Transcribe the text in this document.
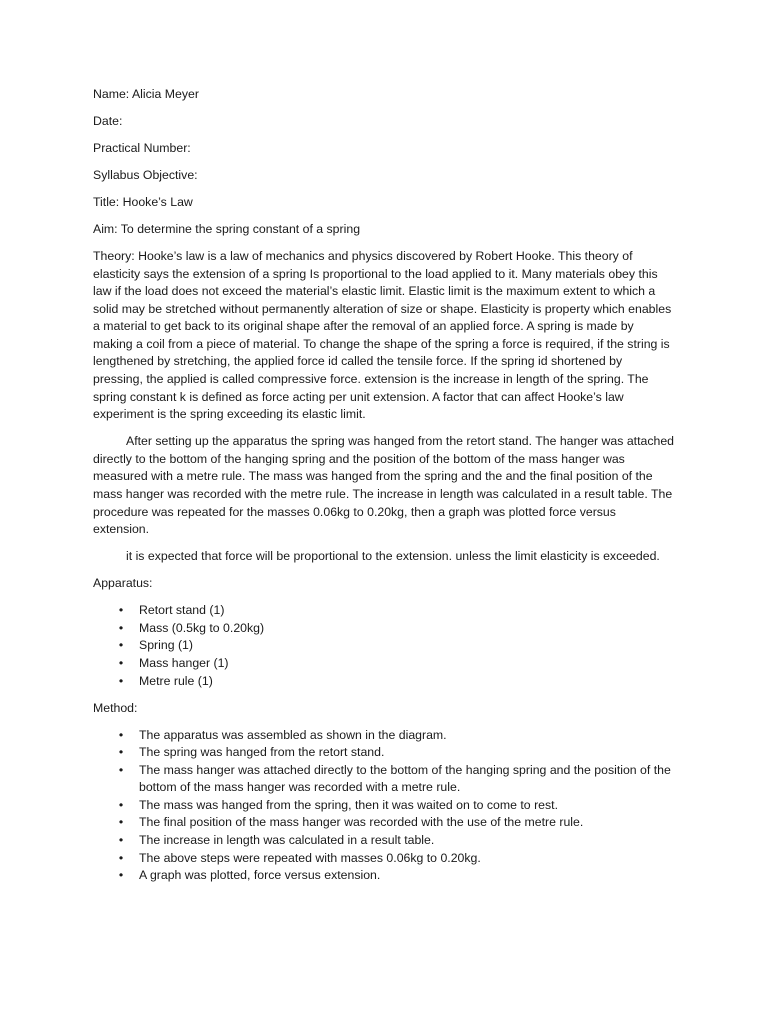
Name: Alicia Meyer

Date:

Practical Number:

Syllabus Objective:

Title: Hooke’s Law

Aim: To determine the spring constant of a spring

Theory: Hooke’s law is a law of mechanics and physics discovered by Robert Hooke. This theory of elasticity says the extension of a spring Is proportional to the load applied to it. Many materials obey this law if the load does not exceed the material’s elastic limit. Elastic limit is the maximum extent to which a solid may be stretched without permanently alteration of size or shape. Elasticity is property which enables a material to get back to its original shape after the removal of an applied force. A spring is made by making a coil from a piece of material. To change the shape of the spring a force is required, if the string is lengthened by stretching, the applied force id called the tensile force. If the spring id shortened by pressing, the applied is called compressive force. extension is the increase in length of the spring. The spring constant k is defined as force acting per unit extension. A factor that can affect Hooke’s law experiment is the spring exceeding its elastic limit.

After setting up the apparatus the spring was hanged from the retort stand. The hanger was attached directly to the bottom of the hanging spring and the position of the bottom of the mass hanger was measured with a metre rule. The mass was hanged from the spring and the and the final position of the mass hanger was recorded with the metre rule. The increase in length was calculated in a result table. The procedure was repeated for the masses 0.06kg to 0.20kg, then a graph was plotted force versus extension.

it is expected that force will be proportional to the extension. unless the limit elasticity is exceeded.

Apparatus:

•	Retort stand (1)
•	Mass (0.5kg to 0.20kg)
•	Spring (1)
•	Mass hanger (1)
•	Metre rule (1)

Method:

•	The apparatus was assembled as shown in the diagram.
•	The spring was hanged from the retort stand.
•	The mass hanger was attached directly to the bottom of the hanging spring and the position of the bottom of the mass hanger was recorded with a metre rule.
•	The mass was hanged from the spring, then it was waited on to come to rest.
•	The final position of the mass hanger was recorded with the use of the metre rule.
•	The increase in length was calculated in a result table.
•	The above steps were repeated with masses 0.06kg to 0.20kg.
•	A graph was plotted, force versus extension.
